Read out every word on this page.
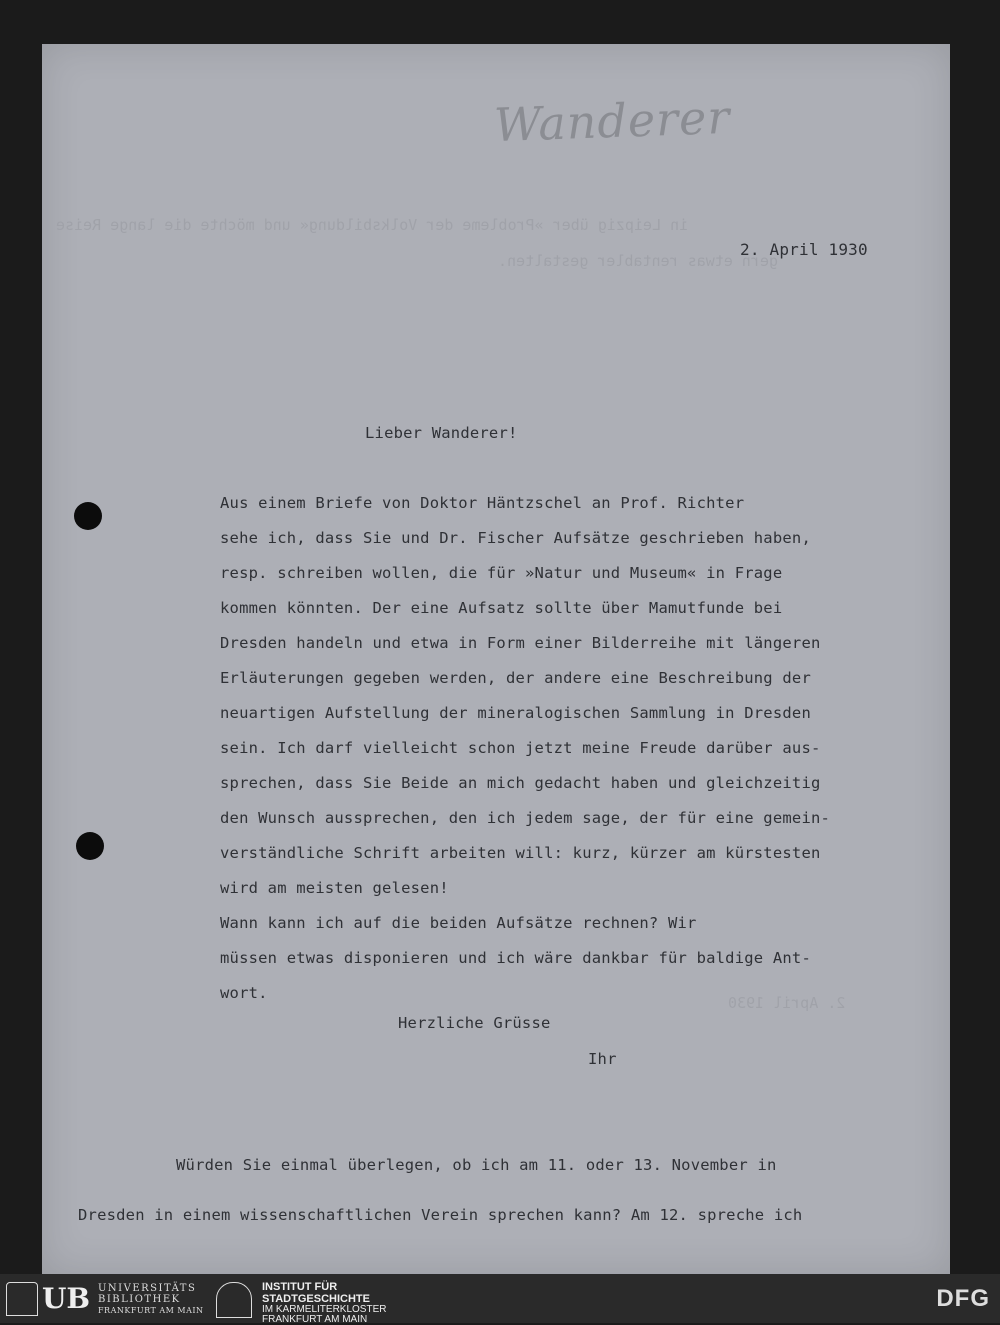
Wanderer
in Leipzig über »Probleme der Volksbildung« und möchte die lange Reise
gern etwas rentabler gestalten.
2. April 1930
2. April 1930
Lieber Wanderer!
Aus einem Briefe von Doktor Häntzschel an Prof. Richter
sehe ich, dass Sie und Dr. Fischer Aufsätze geschrieben haben,
resp. schreiben wollen, die für »Natur und Museum« in Frage
kommen könnten. Der eine Aufsatz sollte über Mamutfunde bei
Dresden handeln und etwa in Form einer Bilderreihe mit längeren
Erläuterungen gegeben werden, der andere eine Beschreibung der
neuartigen Aufstellung der mineralogischen Sammlung in Dresden
sein. Ich darf vielleicht schon jetzt meine Freude darüber aus-
sprechen, dass Sie Beide an mich gedacht haben und gleichzeitig
den Wunsch aussprechen, den ich jedem sage, der für eine gemein-
verständliche Schrift arbeiten will: kurz, kürzer am kürstesten
wird am meisten gelesen!
Wann kann ich auf die beiden Aufsätze rechnen? Wir
müssen etwas disponieren und ich wäre dankbar für baldige Ant-
wort.
Herzliche Grüsse
Ihr
Würden Sie einmal überlegen, ob ich am 11. oder 13. November in
Dresden in einem wissenschaftlichen Verein sprechen kann? Am 12. spreche ich
UB UNIVERSITÄTS
BIBLIOTHEK
FRANKFURT AM MAIN
INSTITUT FÜR
STADTGESCHICHTE
IM KARMELITERKLOSTER
FRANKFURT AM MAIN
DFG
